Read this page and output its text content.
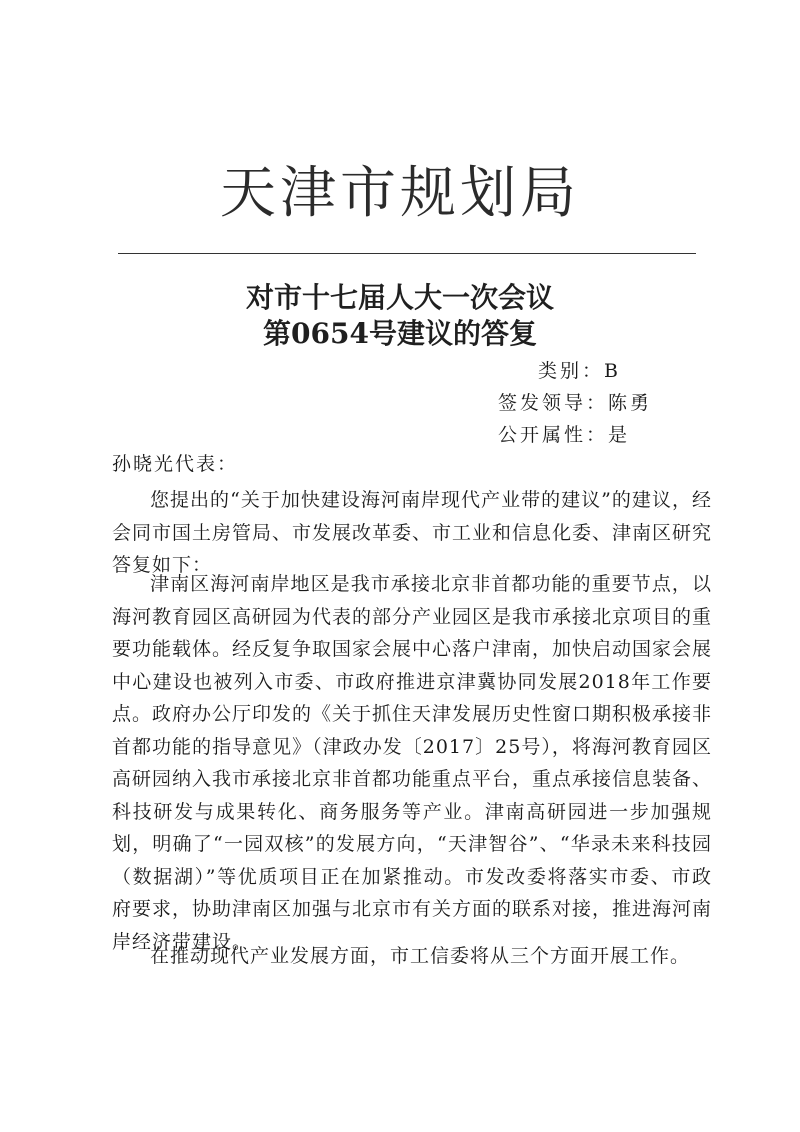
天津市规划局
对市十七届人大一次会议
第0654号建议的答复
类别：B
签发领导：陈勇
公开属性：是
孙晓光代表：
您提出的“关于加快建设海河南岸现代产业带的建议”的建议，经会同市国土房管局、市发展改革委、市工业和信息化委、津南区研究答复如下：
津南区海河南岸地区是我市承接北京非首都功能的重要节点，以海河教育园区高研园为代表的部分产业园区是我市承接北京项目的重要功能载体。经反复争取国家会展中心落户津南，加快启动国家会展中心建设也被列入市委、市政府推进京津冀协同发展2018年工作要点。政府办公厅印发的《关于抓住天津发展历史性窗口期积极承接非首都功能的指导意见》（津政办发〔2017〕25号），将海河教育园区高研园纳入我市承接北京非首都功能重点平台，重点承接信息装备、科技研发与成果转化、商务服务等产业。津南高研园进一步加强规划，明确了“一园双核”的发展方向，“天津智谷”、“华录未来科技园（数据湖）”等优质项目正在加紧推动。市发改委将落实市委、市政府要求，协助津南区加强与北京市有关方面的联系对接，推进海河南岸经济带建设。
在推动现代产业发展方面，市工信委将从三个方面开展工作。
